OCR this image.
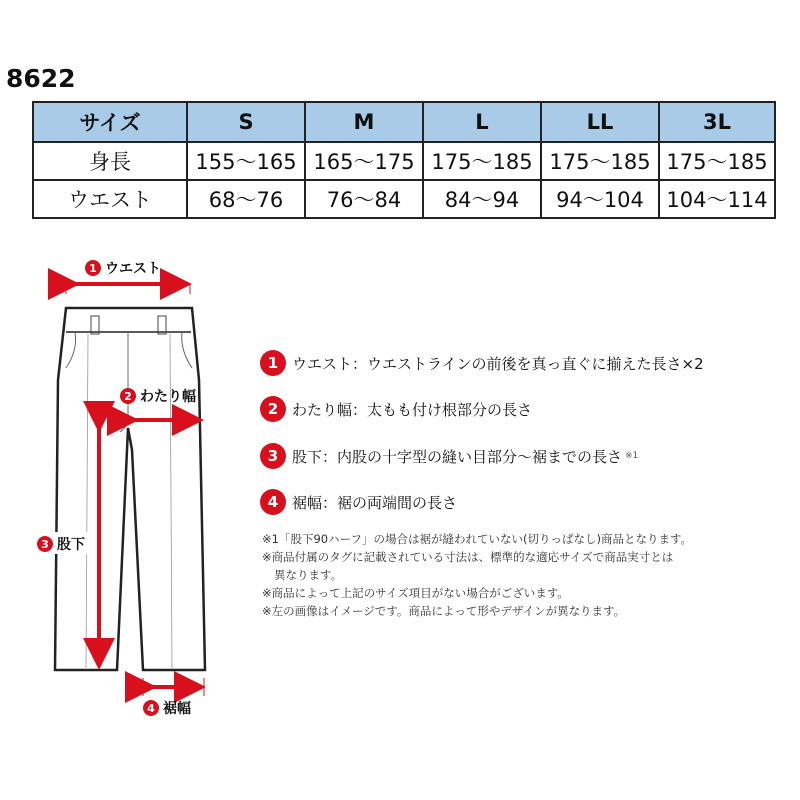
8622
サイズ	S	M	L	LL	3L
身長	155〜165	165〜175	175〜185	175〜185	175〜185
ウエスト	68〜76	76〜84	84〜94	94〜104	104〜114
1 ウエスト
2 わたり幅
3 股下
4 裾幅
1 ウエスト：ウエストラインの前後を真っ直ぐに揃えた長さ×2
2 わたり幅：太もも付け根部分の長さ
3 股下：内股の十字型の縫い目部分〜裾までの長さ ※1
4 裾幅：裾の両端間の長さ
※1「股下90ハーフ」の場合は裾が縫われていない(切りっぱなし)商品となります。
※商品付属のタグに記載されている寸法は、標準的な適応サイズで商品実寸とは
異なります。
※商品によって上記のサイズ項目がない場合がございます。
※左の画像はイメージです。商品によって形やデザインが異なります。
